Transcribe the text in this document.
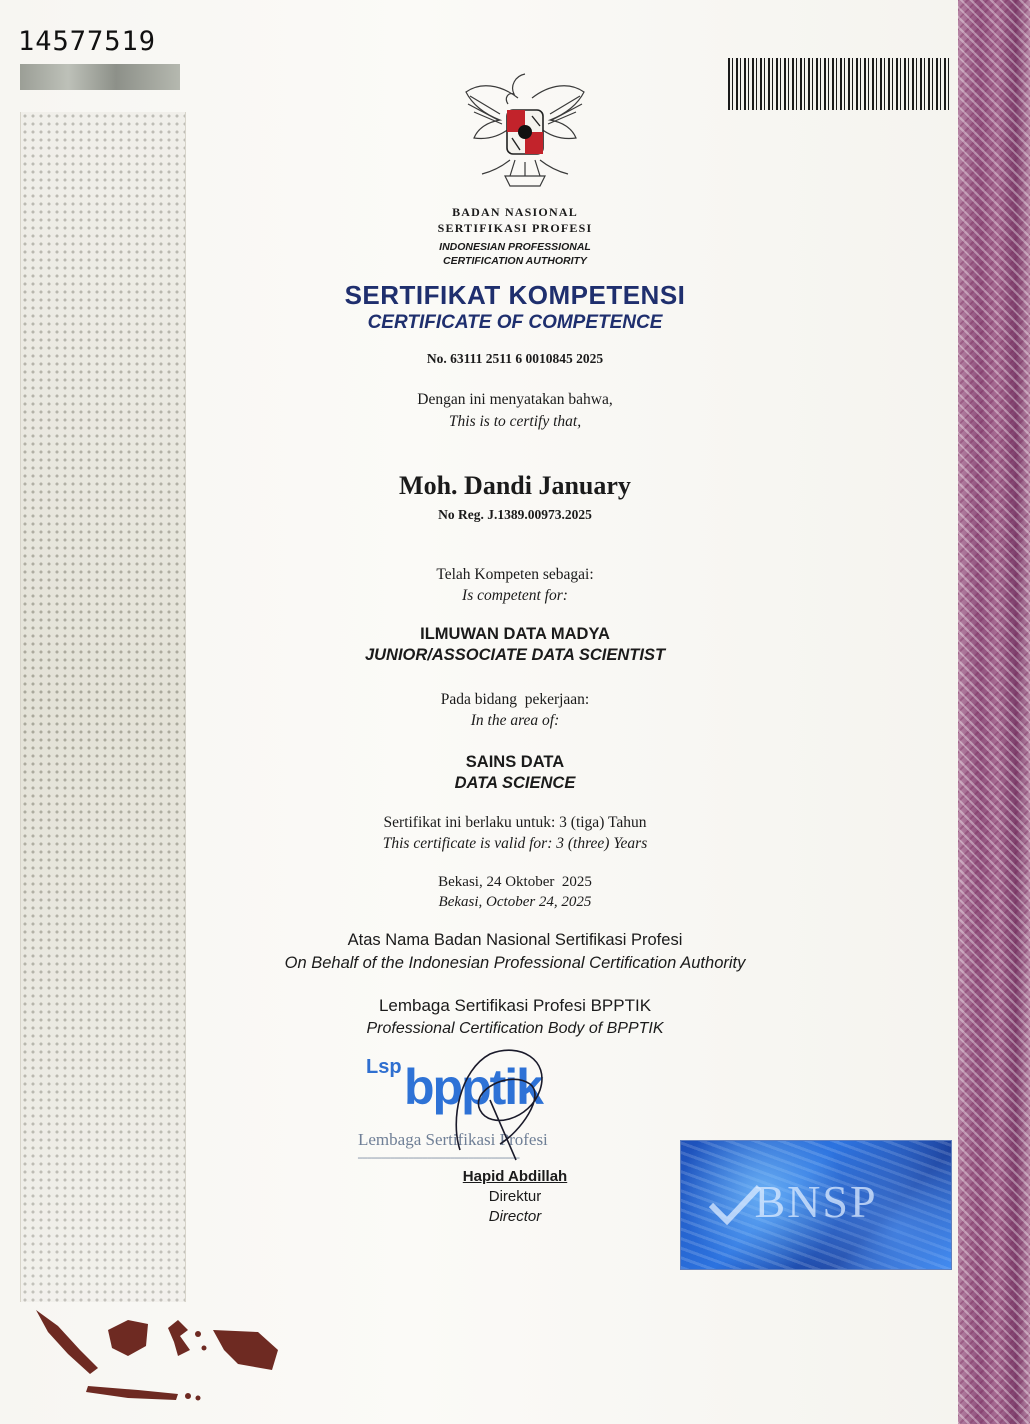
14577519
BADAN NASIONAL
SERTIFIKASI PROFESI
INDONESIAN PROFESSIONAL
CERTIFICATION AUTHORITY
SERTIFIKAT KOMPETENSI
CERTIFICATE OF COMPETENCE
No. 63111 2511 6 0010845 2025
Dengan ini menyatakan bahwa,
This is to certify that,
Moh. Dandi January
No Reg. J.1389.00973.2025
Telah Kompeten sebagai:
Is competent for:
ILMUWAN DATA MADYA
JUNIOR/ASSOCIATE DATA SCIENTIST
Pada bidang  pekerjaan:
In the area of:
SAINS DATA
DATA SCIENCE
Sertifikat ini berlaku untuk: 3 (tiga) Tahun
This certificate is valid for: 3 (three) Years
Bekasi, 24 Oktober  2025
Bekasi, October 24, 2025
Atas Nama Badan Nasional Sertifikasi Profesi
On Behalf of the Indonesian Professional Certification Authority
Lembaga Sertifikasi Profesi BPPTIK
Professional Certification Body of BPPTIK
Lsp bpptik
Lembaga Sertifikasi Profesi
▁▁▁▁▁▁▁▁▁▁▁▁▁▁▁▁▁▁▁▁▁▁▁▁▁▁▁▁▁▁▁▁▁▁▁
Hapid Abdillah
Direktur
Director	BNSP
